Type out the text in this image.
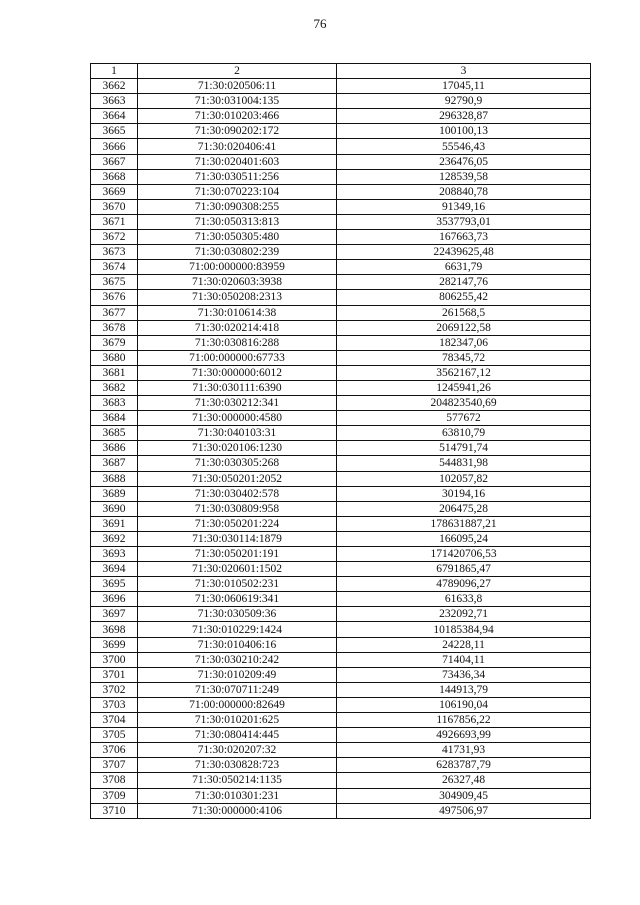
76
1	2	3
3662	71:30:020506:11	17045,11
3663	71:30:031004:135	92790,9
3664	71:30:010203:466	296328,87
3665	71:30:090202:172	100100,13
3666	71:30:020406:41	55546,43
3667	71:30:020401:603	236476,05
3668	71:30:030511:256	128539,58
3669	71:30:070223:104	208840,78
3670	71:30:090308:255	91349,16
3671	71:30:050313:813	3537793,01
3672	71:30:050305:480	167663,73
3673	71:30:030802:239	22439625,48
3674	71:00:000000:83959	6631,79
3675	71:30:020603:3938	282147,76
3676	71:30:050208:2313	806255,42
3677	71:30:010614:38	261568,5
3678	71:30:020214:418	2069122,58
3679	71:30:030816:288	182347,06
3680	71:00:000000:67733	78345,72
3681	71:30:000000:6012	3562167,12
3682	71:30:030111:6390	1245941,26
3683	71:30:030212:341	204823540,69
3684	71:30:000000:4580	577672
3685	71:30:040103:31	63810,79
3686	71:30:020106:1230	514791,74
3687	71:30:030305:268	544831,98
3688	71:30:050201:2052	102057,82
3689	71:30:030402:578	30194,16
3690	71:30:030809:958	206475,28
3691	71:30:050201:224	178631887,21
3692	71:30:030114:1879	166095,24
3693	71:30:050201:191	171420706,53
3694	71:30:020601:1502	6791865,47
3695	71:30:010502:231	4789096,27
3696	71:30:060619:341	61633,8
3697	71:30:030509:36	232092,71
3698	71:30:010229:1424	10185384,94
3699	71:30:010406:16	24228,11
3700	71:30:030210:242	71404,11
3701	71:30:010209:49	73436,34
3702	71:30:070711:249	144913,79
3703	71:00:000000:82649	106190,04
3704	71:30:010201:625	1167856,22
3705	71:30:080414:445	4926693,99
3706	71:30:020207:32	41731,93
3707	71:30:030828:723	6283787,79
3708	71:30:050214:1135	26327,48
3709	71:30:010301:231	304909,45
3710	71:30:000000:4106	497506,97
